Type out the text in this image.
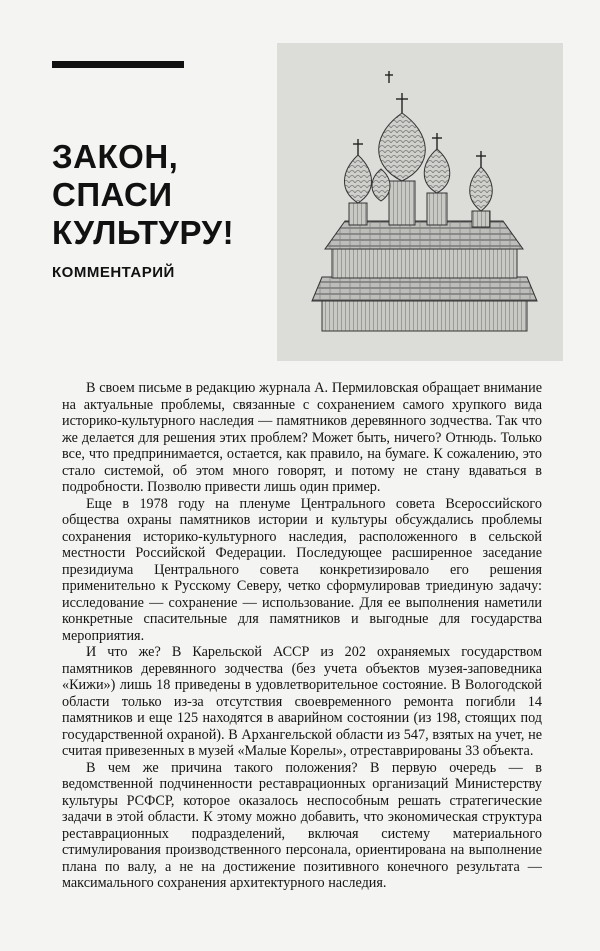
ЗАКОН,
СПАСИ
КУЛЬТУРУ!
КОММЕНТАРИЙ

В своем письме в редакцию журнала А. Пермиловская обращает внимание на актуальные проблемы, связанные с сохранением самого хрупкого вида историко-культурного наследия — памятников деревянного зодчества. Так что же делается для решения этих проблем? Может быть, ничего? Отнюдь. Только все, что предпринимается, остается, как правило, на бумаге. К сожалению, это стало системой, об этом много говорят, и потому не стану вдаваться в подробности. Позволю привести лишь один пример.

Еще в 1978 году на пленуме Центрального совета Всероссийского общества охраны памятников истории и культуры обсуждались проблемы сохранения историко-культурного наследия, расположенного в сельской местности Российской Федерации. Последующее расширенное заседание президиума Центрального совета конкретизировало его решения применительно к Русскому Северу, четко сформулировав триединую задачу: исследование — сохранение — использование. Для ее выполнения наметили конкретные спасительные для памятников и выгодные для государства мероприятия.

И что же? В Карельской АССР из 202 охраняемых государством памятников деревянного зодчества (без учета объектов музея-заповедника «Кижи») лишь 18 приведены в удовлетворительное состояние. В Вологодской области только из-за отсутствия своевременного ремонта погибли 14 памятников и еще 125 находятся в аварийном состоянии (из 198, стоящих под государственной охраной). В Архангельской области из 547, взятых на учет, не считая привезенных в музей «Малые Корелы», отреставрированы 33 объекта.

В чем же причина такого положения? В первую очередь — в ведомственной подчиненности реставрационных организаций Министерству культуры РСФСР, которое оказалось неспособным решать стратегические задачи в этой области. К этому можно добавить, что экономическая структура реставрационных подразделений, включая систему материального стимулирования производственного персонала, ориентирована на выполнение плана по валу, а не на достижение позитивного конечного результата — максимального сохранения архитектурного наследия.
